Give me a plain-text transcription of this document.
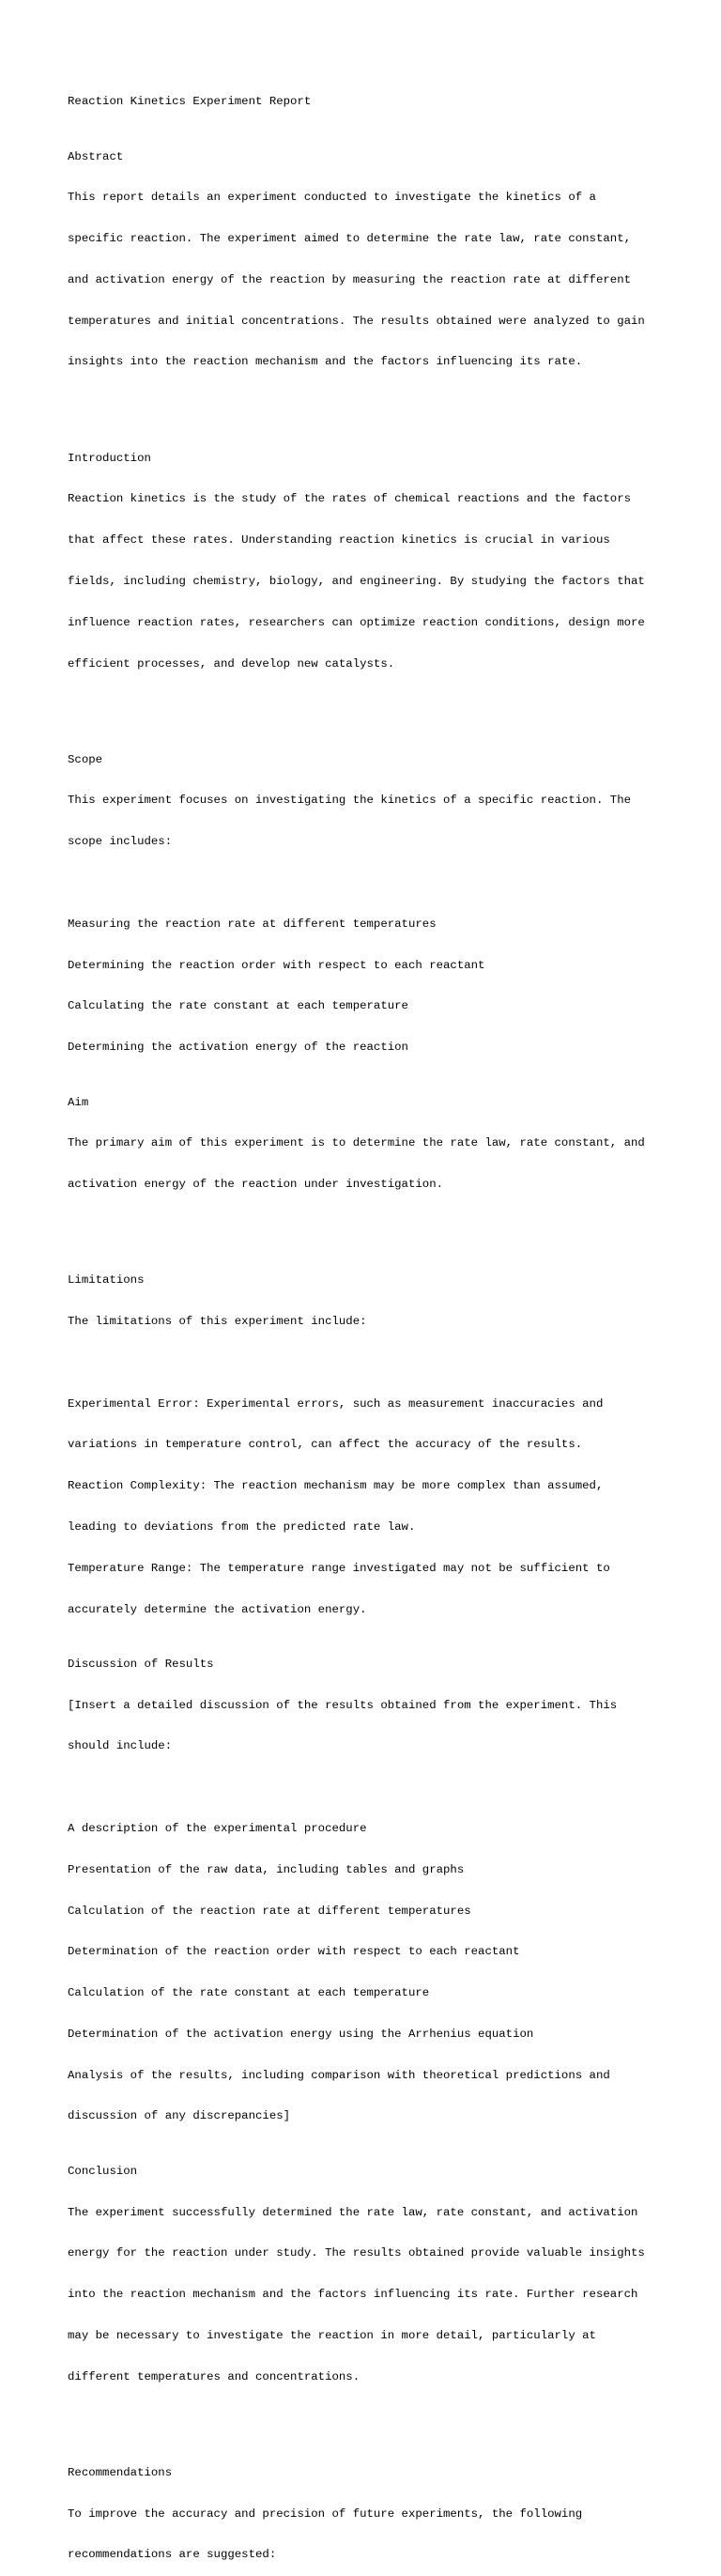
Reaction Kinetics Experiment Report

Abstract

This report details an experiment conducted to investigate the kinetics of a

specific reaction. The experiment aimed to determine the rate law, rate constant,

and activation energy of the reaction by measuring the reaction rate at different

temperatures and initial concentrations. The results obtained were analyzed to gain

insights into the reaction mechanism and the factors influencing its rate.

Introduction

Reaction kinetics is the study of the rates of chemical reactions and the factors

that affect these rates. Understanding reaction kinetics is crucial in various

fields, including chemistry, biology, and engineering. By studying the factors that

influence reaction rates, researchers can optimize reaction conditions, design more

efficient processes, and develop new catalysts.

Scope

This experiment focuses on investigating the kinetics of a specific reaction. The

scope includes:

Measuring the reaction rate at different temperatures

Determining the reaction order with respect to each reactant

Calculating the rate constant at each temperature

Determining the activation energy of the reaction

Aim

The primary aim of this experiment is to determine the rate law, rate constant, and

activation energy of the reaction under investigation.

Limitations

The limitations of this experiment include:

Experimental Error: Experimental errors, such as measurement inaccuracies and

variations in temperature control, can affect the accuracy of the results.

Reaction Complexity: The reaction mechanism may be more complex than assumed,

leading to deviations from the predicted rate law.

Temperature Range: The temperature range investigated may not be sufficient to

accurately determine the activation energy.

Discussion of Results

[Insert a detailed discussion of the results obtained from the experiment. This

should include:

A description of the experimental procedure

Presentation of the raw data, including tables and graphs

Calculation of the reaction rate at different temperatures

Determination of the reaction order with respect to each reactant

Calculation of the rate constant at each temperature

Determination of the activation energy using the Arrhenius equation

Analysis of the results, including comparison with theoretical predictions and

discussion of any discrepancies]

Conclusion

The experiment successfully determined the rate law, rate constant, and activation

energy for the reaction under study. The results obtained provide valuable insights

into the reaction mechanism and the factors influencing its rate. Further research

may be necessary to investigate the reaction in more detail, particularly at

different temperatures and concentrations.

Recommendations

To improve the accuracy and precision of future experiments, the following

recommendations are suggested:
